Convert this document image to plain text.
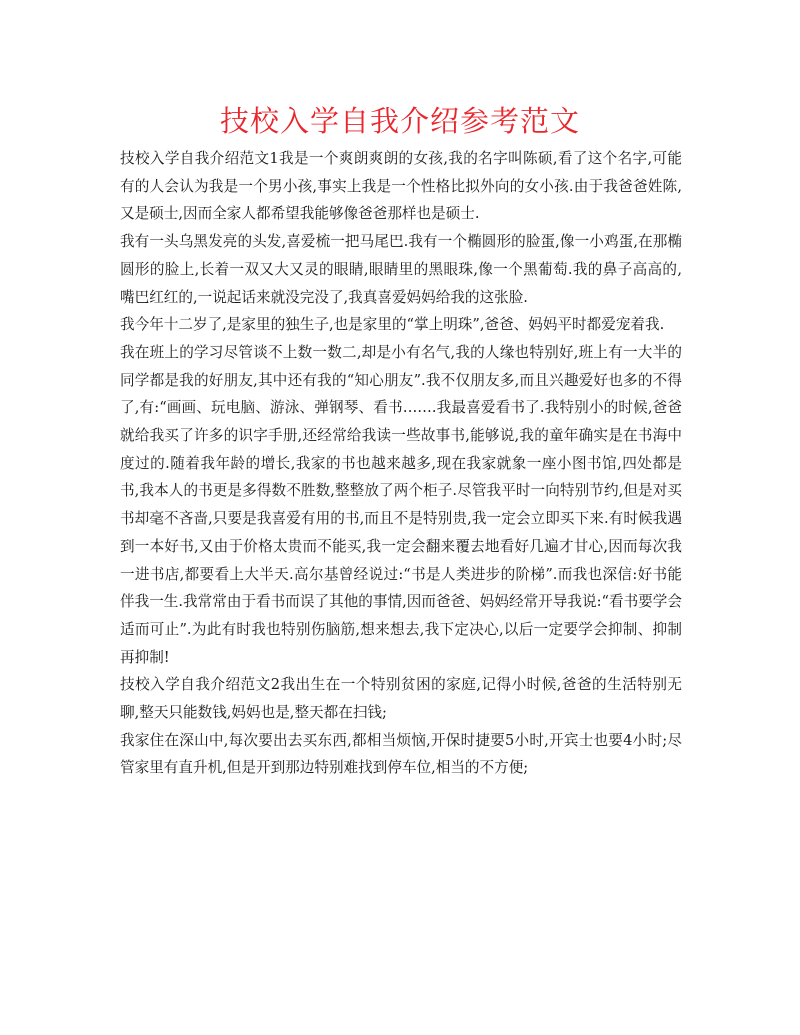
技校入学自我介绍参考范文

技校入学自我介绍范文1我是一个爽朗爽朗的女孩,我的名字叫陈硕,看了这个名字,可能有的人会认为我是一个男小孩,事实上我是一个性格比拟外向的女小孩.由于我爸爸姓陈,又是硕士,因而全家人都希望我能够像爸爸那样也是硕士.

我有一头乌黑发亮的头发,喜爱梳一把马尾巴.我有一个椭圆形的脸蛋,像一小鸡蛋,在那椭圆形的脸上,长着一双又大又灵的眼睛,眼睛里的黑眼珠,像一个黑葡萄.我的鼻子高高的,嘴巴红红的,一说起话来就没完没了,我真喜爱妈妈给我的这张脸.

我今年十二岁了,是家里的独生子,也是家里的“掌上明珠”,爸爸、妈妈平时都爱宠着我.

我在班上的学习尽管谈不上数一数二,却是小有名气,我的人缘也特别好,班上有一大半的同学都是我的好朋友,其中还有我的“知心朋友”.我不仅朋友多,而且兴趣爱好也多的不得了,有:“画画、玩电脑、游泳、弹钢琴、看书…….我最喜爱看书了.我特别小的时候,爸爸就给我买了许多的识字手册,还经常给我读一些故事书,能够说,我的童年确实是在书海中度过的.随着我年龄的增长,我家的书也越来越多,现在我家就象一座小图书馆,四处都是书,我本人的书更是多得数不胜数,整整放了两个柜子.尽管我平时一向特别节约,但是对买书却毫不吝啬,只要是我喜爱有用的书,而且不是特别贵,我一定会立即买下来.有时候我遇到一本好书,又由于价格太贵而不能买,我一定会翻来覆去地看好几遍才甘心,因而每次我一进书店,都要看上大半天.高尔基曾经说过:“书是人类进步的阶梯”.而我也深信:好书能伴我一生.我常常由于看书而误了其他的事情,因而爸爸、妈妈经常开导我说:“看书要学会适而可止”.为此有时我也特别伤脑筋,想来想去,我下定决心,以后一定要学会抑制、抑制再抑制!

技校入学自我介绍范文2我出生在一个特别贫困的家庭,记得小时候,爸爸的生活特别无聊,整天只能数钱,妈妈也是,整天都在扫钱;

我家住在深山中,每次要出去买东西,都相当烦恼,开保时捷要5小时,开宾士也要4小时;尽管家里有直升机,但是开到那边特别难找到停车位,相当的不方便;
